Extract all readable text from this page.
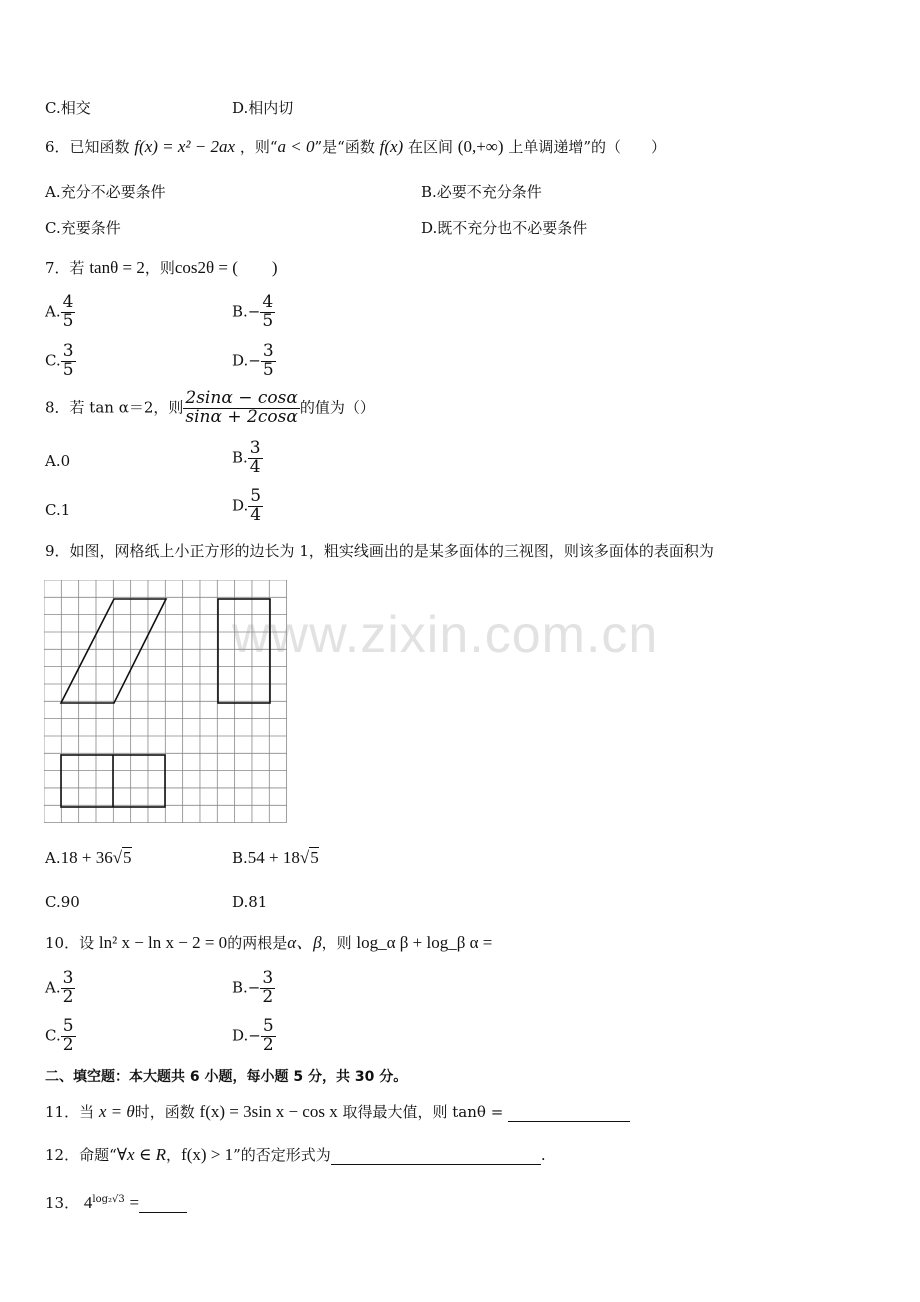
C.相交	D.相内切
6．已知函数 f(x) = x² − 2ax ，则“a < 0”是“函数 f(x) 在区间 (0,+∞) 上单调递增”的（　　）
A.充分不必要条件	B.必要不充分条件
C.充要条件	D.既不充分也不必要条件
7．若 tanθ = 2，则cos2θ = (　　)
A. $\frac{4}{5}$	$B.- \frac{4}{5}$
C. $\frac{3}{5}$	$D.- \frac{3}{5}$
8．若 tan α＝2，则 $\frac{2\sin\alpha - \cos\alpha}{\sin\alpha + 2\cos\alpha}$ 的值为（）
A.0	B. $\frac{3}{4}$
C.1	D. $\frac{5}{4}$
9．如图，网格纸上小正方形的边长为 1，粗实线画出的是某多面体的三视图，则该多面体的表面积为
www.zixin.com.cn
A.18 + 36√5	B.54 + 18√5
C.90	D.81
10．设 ln² x − ln x − 2 = 0的两根是α、β，则 log_α β + log_β α =
A. $\frac{3}{2}$	$B.- \frac{3}{2}$
C. $\frac{5}{2}$	$D.- \frac{5}{2}$
二、填空题：本大题共 6 小题，每小题 5 分，共 30 分。
11．当 x = θ时，函数 f(x) = 3sin x − cos x 取得最大值，则 tanθ =
12．命题“∀x ∈ R，f(x) > 1”的否定形式为	.
13． $4^{log_2√3}$ =
